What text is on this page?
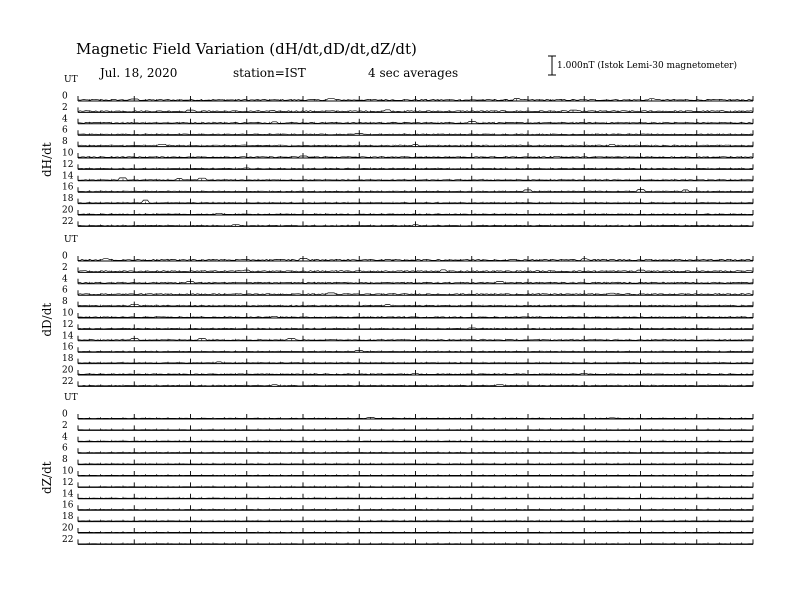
Magnetic Field Variation (dH/dt,dD/dt,dZ/dt)
Jul. 18, 2020	station=IST	4 sec averages	1.000nT (Istok Lemi-30 magnetometer)
UT
dH/dt
0
2
4
6
8
10
12
14
16
18
20
22
UT
dD/dt
0
2
4
6
8
10
12
14
16
18
20
22
UT
dZ/dt
0
2
4
6
8
10
12
14
16
18
20
22
